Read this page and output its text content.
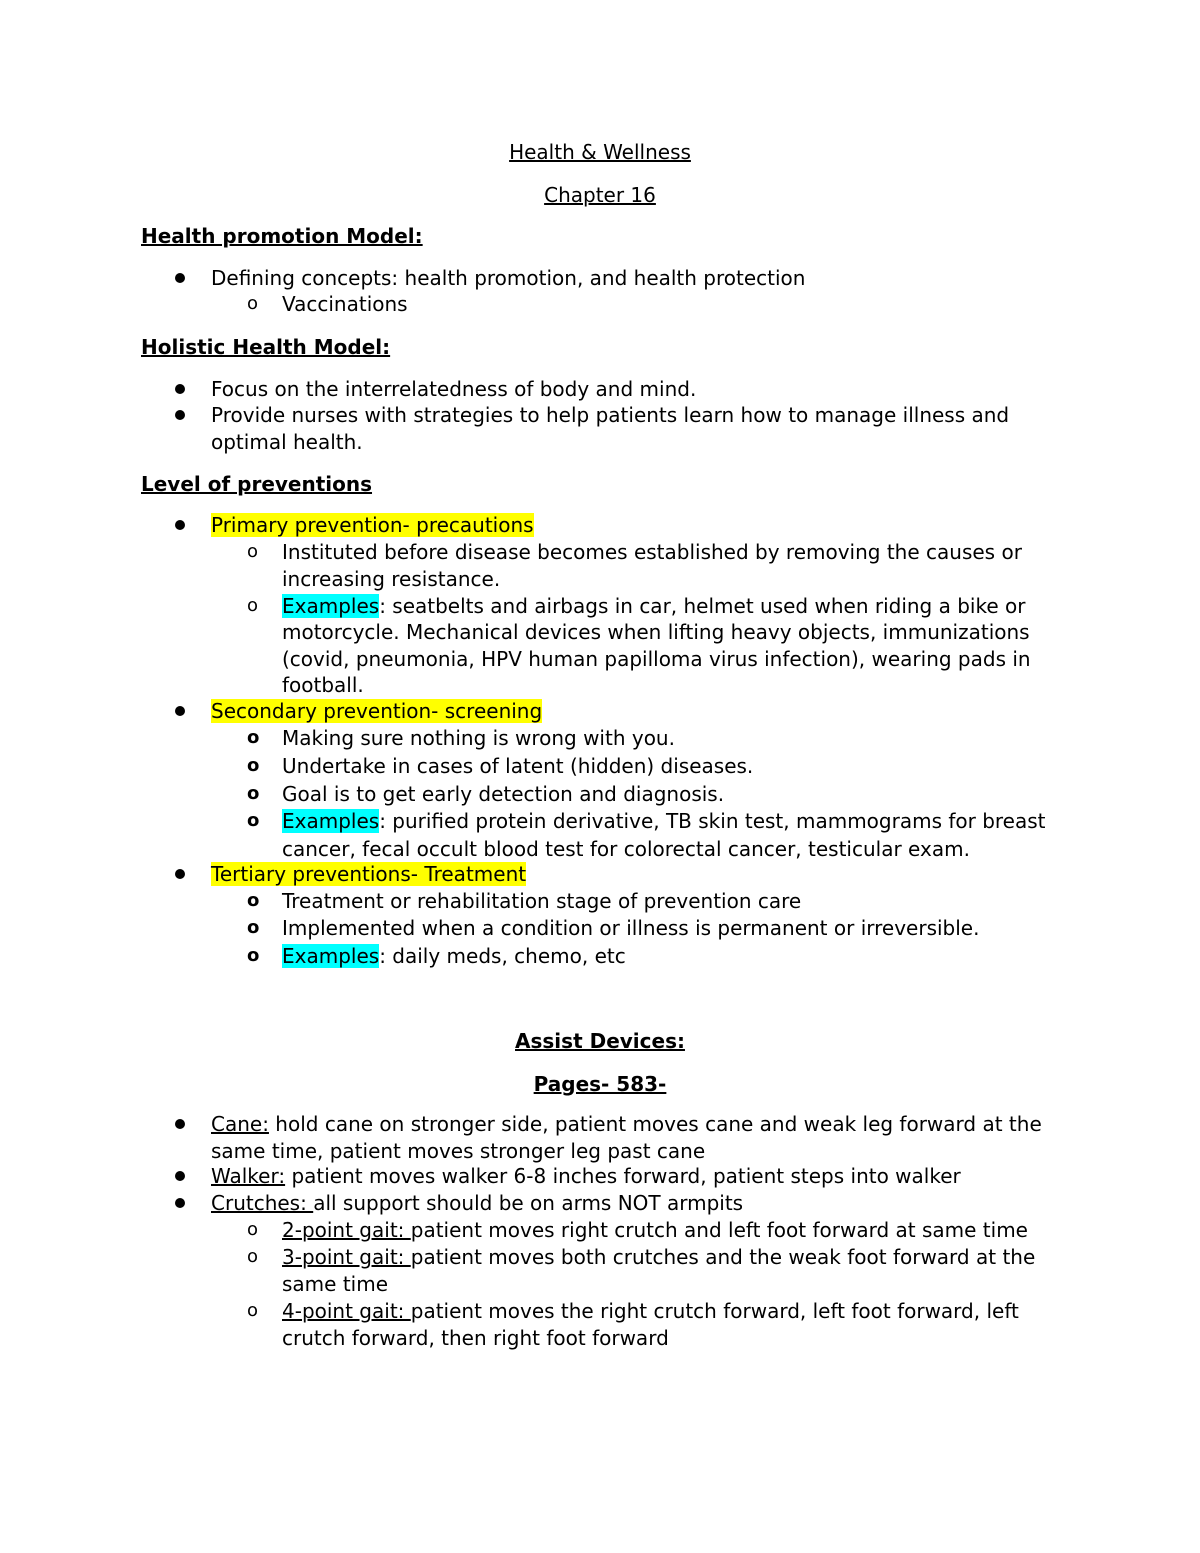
Health & Wellness
Chapter 16
Health promotion Model:
Defining concepts: health promotion, and health protection
o Vaccinations
Holistic Health Model:
Focus on the interrelatedness of body and mind.
Provide nurses with strategies to help patients learn how to manage illness and
optimal health.
Level of preventions
Primary prevention- precautions
o Instituted before disease becomes established by removing the causes or
increasing resistance.
o Examples: seatbelts and airbags in car, helmet used when riding a bike or
motorcycle. Mechanical devices when lifting heavy objects, immunizations
(covid, pneumonia, HPV human papilloma virus infection), wearing pads in
football.
Secondary prevention- screening
o Making sure nothing is wrong with you.
o Undertake in cases of latent (hidden) diseases.
o Goal is to get early detection and diagnosis.
o Examples: purified protein derivative, TB skin test, mammograms for breast
cancer, fecal occult blood test for colorectal cancer, testicular exam.
Tertiary preventions- Treatment
o Treatment or rehabilitation stage of prevention care
o Implemented when a condition or illness is permanent or irreversible.
o Examples: daily meds, chemo, etc
Assist Devices:
Pages- 583-
Cane: hold cane on stronger side, patient moves cane and weak leg forward at the
same time, patient moves stronger leg past cane
Walker: patient moves walker 6-8 inches forward, patient steps into walker
Crutches: all support should be on arms NOT armpits
o 2-point gait: patient moves right crutch and left foot forward at same time
o 3-point gait: patient moves both crutches and the weak foot forward at the
same time
o 4-point gait: patient moves the right crutch forward, left foot forward, left
crutch forward, then right foot forward
